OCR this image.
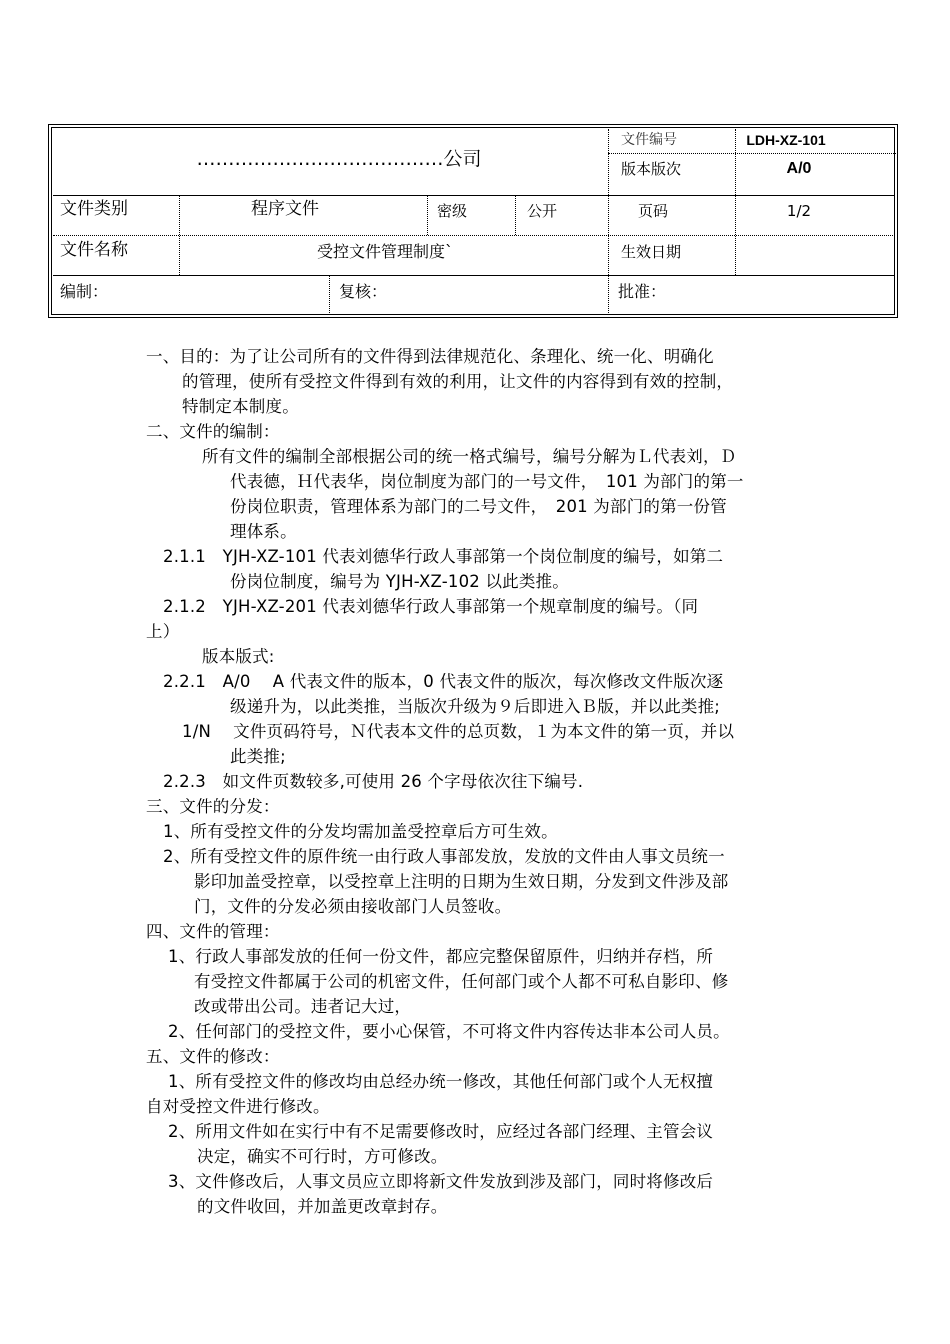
…………………………………公司
文件编号	LDH-XZ-101
版本版次	A/0
文件类别	程序文件	密级	公开	页码	1/2
文件名称	受控文件管理制度`	生效日期
编制：	复核：	批准：
一、目的：为了让公司所有的文件得到法律规范化、条理化、统一化、明确化
的管理，使所有受控文件得到有效的利用，让文件的内容得到有效的控制，
特制定本制度。
二、文件的编制：
所有文件的编制全部根据公司的统一格式编号，编号分解为Ｌ代表刘，Ｄ
代表德，Ｈ代表华，岗位制度为部门的一号文件，　101 为部门的第一
份岗位职责，管理体系为部门的二号文件，　201 为部门的第一份管
理体系。
2.1.1　YJH-XZ-101 代表刘德华行政人事部第一个岗位制度的编号，如第二
份岗位制度，编号为 YJH-XZ-102 以此类推。
2.1.2　YJH-XZ-201 代表刘德华行政人事部第一个规章制度的编号。（同
上）
版本版式:
2.2.1　A/0　 A 代表文件的版本，0 代表文件的版次，每次修改文件版次逐
级递升为，以此类推，当版次升级为９后即进入Ｂ版，并以此类推;
1/N　 文件页码符号，Ｎ代表本文件的总页数，１为本文件的第一页，并以
此类推;
2.2.3　如文件页数较多,可使用 26 个字母依次往下编号.
三、文件的分发：
1、所有受控文件的分发均需加盖受控章后方可生效。
2、所有受控文件的原件统一由行政人事部发放，发放的文件由人事文员统一
影印加盖受控章，以受控章上注明的日期为生效日期，分发到文件涉及部
门，文件的分发必须由接收部门人员签收。
四、文件的管理：
1、行政人事部发放的任何一份文件，都应完整保留原件，归纳并存档，所
有受控文件都属于公司的机密文件，任何部门或个人都不可私自影印、修
改或带出公司。违者记大过，
2、任何部门的受控文件，要小心保管，不可将文件内容传达非本公司人员。
五、文件的修改：
1、所有受控文件的修改均由总经办统一修改，其他任何部门或个人无权擅
自对受控文件进行修改。
2、所用文件如在实行中有不足需要修改时，应经过各部门经理、主管会议
决定，确实不可行时，方可修改。
3、文件修改后，人事文员应立即将新文件发放到涉及部门，同时将修改后
的文件收回，并加盖更改章封存。
